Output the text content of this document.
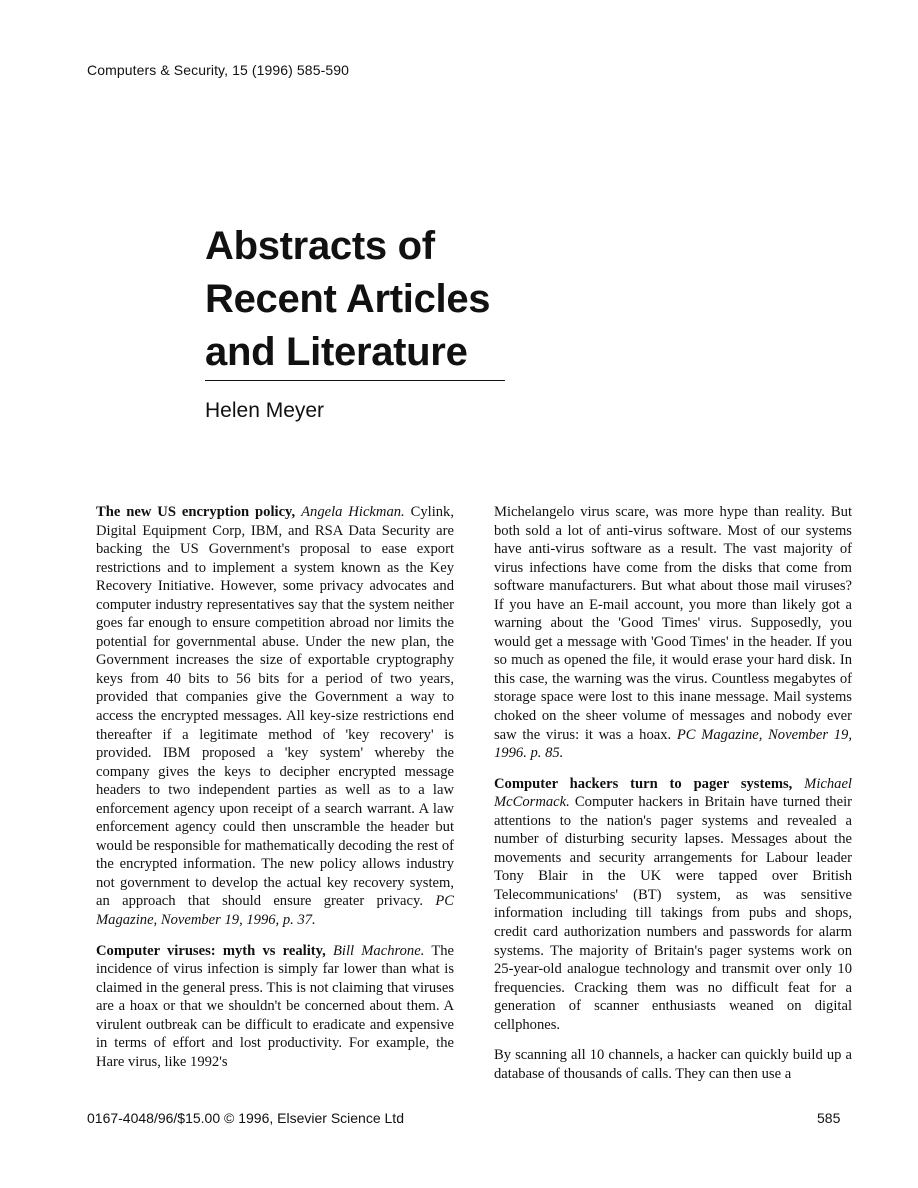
Computers & Security, 15 (1996) 585-590
Abstracts of
Recent Articles
and Literature
Helen Meyer

The new US encryption policy, Angela Hickman. Cylink, Digital Equipment Corp, IBM, and RSA Data Security are backing the US Government's proposal to ease export restrictions and to implement a system known as the Key Recovery Initiative. However, some privacy advocates and computer industry representatives say that the system neither goes far enough to ensure competition abroad nor limits the potential for governmental abuse. Under the new plan, the Government increases the size of exportable cryptography keys from 40 bits to 56 bits for a period of two years, provided that companies give the Government a way to access the encrypted messages. All key-size restrictions end thereafter if a legitimate method of 'key recovery' is provided. IBM proposed a 'key system' whereby the company gives the keys to decipher encrypted message headers to two independent parties as well as to a law enforcement agency upon receipt of a search warrant. A law enforcement agency could then unscramble the header but would be responsible for mathematically decoding the rest of the encrypted information. The new policy allows industry not government to develop the actual key recovery system, an approach that should ensure greater privacy. PC Magazine, November 19, 1996, p. 37.

Computer viruses: myth vs reality, Bill Machrone. The incidence of virus infection is simply far lower than what is claimed in the general press. This is not claiming that viruses are a hoax or that we shouldn't be concerned about them. A virulent outbreak can be difficult to eradicate and expensive in terms of effort and lost productivity. For example, the Hare virus, like 1992's

Michelangelo virus scare, was more hype than reality. But both sold a lot of anti-virus software. Most of our systems have anti-virus software as a result. The vast majority of virus infections have come from the disks that come from software manufacturers. But what about those mail viruses? If you have an E-mail account, you more than likely got a warning about the 'Good Times' virus. Supposedly, you would get a message with 'Good Times' in the header. If you so much as opened the file, it would erase your hard disk. In this case, the warning was the virus. Countless megabytes of storage space were lost to this inane message. Mail systems choked on the sheer volume of messages and nobody ever saw the virus: it was a hoax. PC Magazine, November 19, 1996. p. 85.

Computer hackers turn to pager systems, Michael McCormack. Computer hackers in Britain have turned their attentions to the nation's pager systems and revealed a number of disturbing security lapses. Messages about the movements and security arrangements for Labour leader Tony Blair in the UK were tapped over British Telecommunications' (BT) system, as was sensitive information including till takings from pubs and shops, credit card authorization numbers and passwords for alarm systems. The majority of Britain's pager systems work on 25-year-old analogue technology and transmit over only 10 frequencies. Cracking them was no difficult feat for a generation of scanner enthusiasts weaned on digital cellphones.

By scanning all 10 channels, a hacker can quickly build up a database of thousands of calls. They can then use a

0167-4048/96/$15.00 © 1996, Elsevier Science Ltd	585
